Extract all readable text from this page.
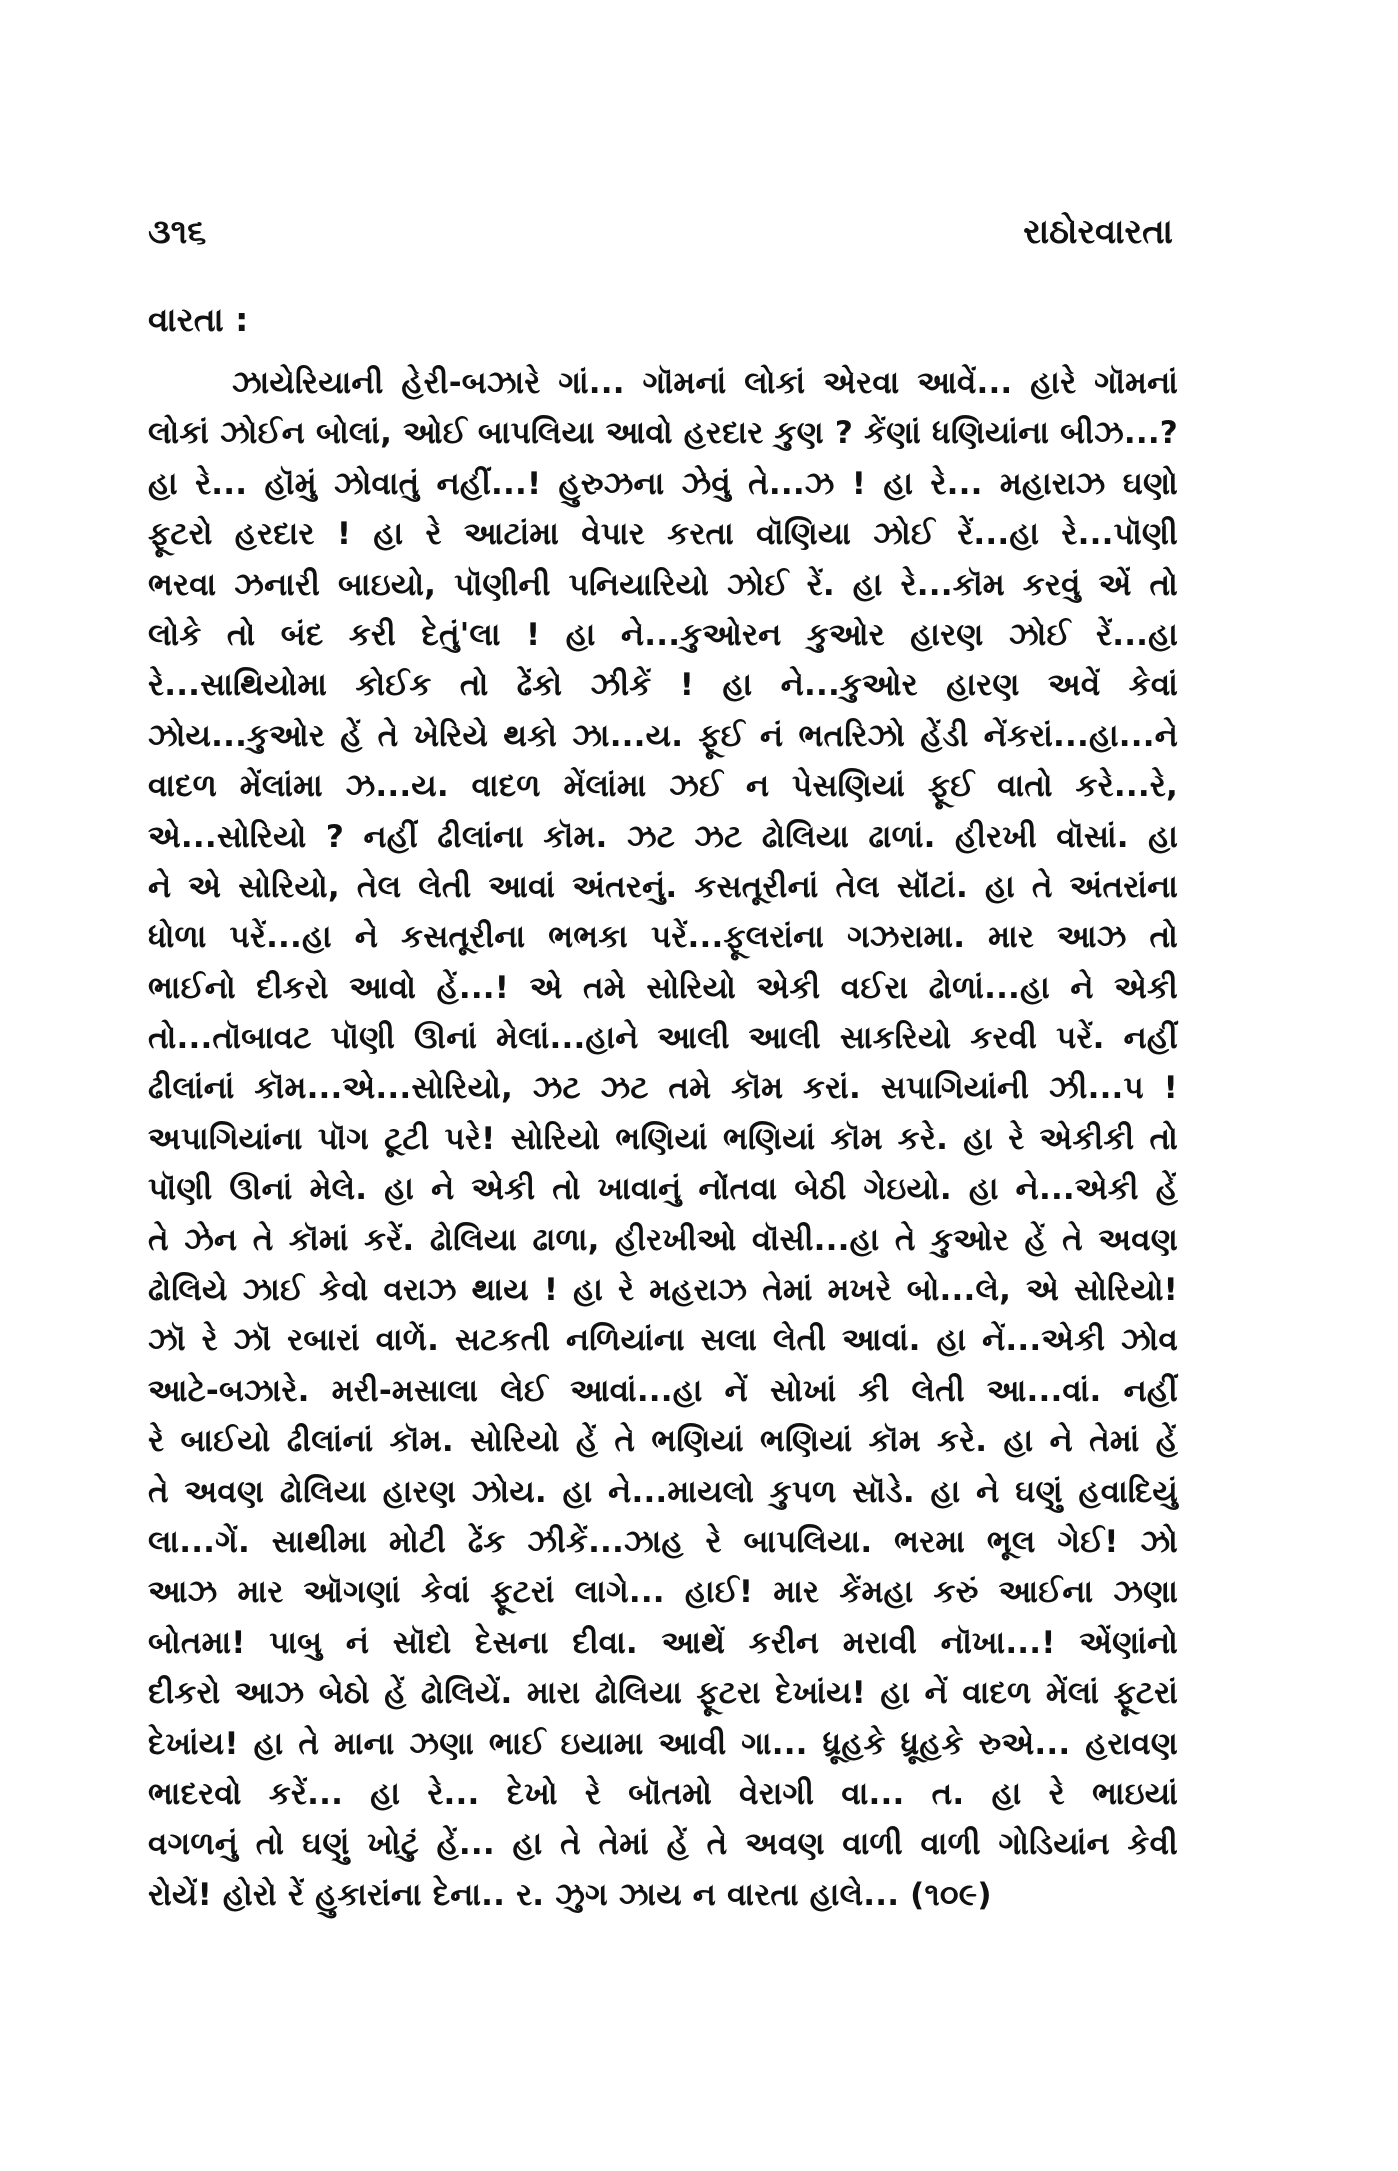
૩૧૬	રાઠોરવારતા
વારતા :
ઝાયેરિયાની હેરી-બઝારે ગાં... ગૉમનાં લોકાં એરવા આવેં... હારે ગૉમનાં
લોકાં ઝોઈન બોલાં, ઓઈ બાપલિયા આવો હરદાર કુણ ? કેંણાં ધણિયાંના બીઝ...?
હા રે... હૉમું ઝોવાતું નહીં...! હુરુઝના ઝેવું તે...ઝ ! હા રે... મહારાઝ ઘણો
ફૂટરો હરદાર ! હા રે આટાંમા વેપાર કરતા વૉણિયા ઝોઈ રેં...હા રે...પૉણી
ભરવા ઝનારી બાઇયો, પૉણીની પનિયારિયો ઝોઈ રેં. હા રે...કૉમ કરવું એં તો
લોકે તો બંદ કરી દેતું'લા ! હા ને...કુઓરન કુઓર હારણ ઝોઈ રેં...હા
રે...સાથિયોમા કોઈક તો ઢેંકો ઝીકેં ! હા ને...કુઓર હારણ અવેં કેવાં
ઝોય...કુઓર હેં તે ખેરિયે થકો ઝા...ય. ફૂઈ નં ભતરિઝો હેંડી નેંકરાં...હા...ને
વાદળ મેંલાંમા ઝ...ય. વાદળ મેંલાંમા ઝઈ ન પેસણિયાં ફૂઈ વાતો કરે...રે,
એ...સોરિયો ? નહીં ઢીલાંના કૉમ. ઝટ ઝટ ઢોલિયા ઢાળાં. હીરખી વૉસાં. હા
ને એ સોરિયો, તેલ લેતી આવાં અંતરનું. કસતૂરીનાં તેલ સૉંટાં. હા તે અંતરાંના
ધોળા પરેં...હા ને કસતૂરીના ભભકા પરેં...ફૂલરાંના ગઝરામા. માર આઝ તો
ભાઈનો દીકરો આવો હેં...! એ તમે સોરિયો એકી વઈરા ઢોળાં...હા ને એકી
તો...તૉબાવટ પૉણી ઊનાં મેલાં...હાને આલી આલી સાકરિયો કરવી પરેં. નહીં
ઢીલાંનાં કૉમ...એ...સોરિયો, ઝટ ઝટ તમે કૉમ કરાં. સપાગિયાંની ઝી...પ !
અપાગિયાંના પૉગ ટૂટી પરે! સોરિયો ભણિયાં ભણિયાં કૉમ કરે. હા રે એકીકી તો
પૉણી ઊનાં મેલે. હા ને એકી તો ખાવાનું નોંતવા બેઠી ગેઇયો. હા ને...એકી હેં
તે ઝેન તે કૉમાં કરેં. ઢોલિયા ઢાળા, હીરખીઓ વૉસી...હા તે કુઓર હેં તે અવણ
ઢોલિયે ઝાઈ કેવો વરાઝ થાય ! હા રે મહરાઝ તેમાં મખરે બો...લે, એ સોરિયો!
ઝૉ રે ઝૉ રબારાં વાળેં. સટકતી નળિયાંના સલા લેતી આવાં. હા નેં...એકી ઝોવ
આટે-બઝારે. મરી-મસાલા લેઈ આવાં...હા નેં સોખાં કી લેતી આ...વાં. નહીં
રે બાઈયો ઢીલાંનાં કૉમ. સોરિયો હેં તે ભણિયાં ભણિયાં કૉમ કરે. હા ને તેમાં હેં
તે અવણ ઢોલિયા હારણ ઝોય. હા ને...માયલો કુપળ સૉડે. હા ને ઘણું હવાદિયું
લા...ગેં. સાથીમા મોટી ઢેંક ઝીકેં...ઝાહ રે બાપલિયા. ભરમા ભૂલ ગેઈ! ઝો
આઝ માર ઑગણાં કેવાં ફૂટરાં લાગે... હાઈ! માર કેંમહા કરું આઈના ઝણા
બોતમા! પાબુ નં સૉદો દેસના દીવા. આથેં કરીન મરાવી નૉખા...! એંણાંનો
દીકરો આઝ બેઠો હેં ઢોલિયેં. મારા ઢોલિયા ફૂટરા દેખાંય! હા નેં વાદળ મેંલાં ફૂટરાં
દેખાંય! હા તે માના ઝણા ભાઈ ઇયામા આવી ગા... ધ્રૂહકે ધ્રૂહકે રુએ... હરાવણ
ભાદરવો કરેં... હા રે... દેખો રે બૉતમો વેરાગી વા... ત. હા રે ભાઇયાં
વગળનું તો ઘણું ખોટું હેં... હા તે તેમાં હેં તે અવણ વાળી વાળી ગોડિયાંન કેવી
રોયેં! હોરો રેં હુકારાંના દેના.. ર. ઝુગ ઝાય ન વારતા હાલે... (૧૦૯)
